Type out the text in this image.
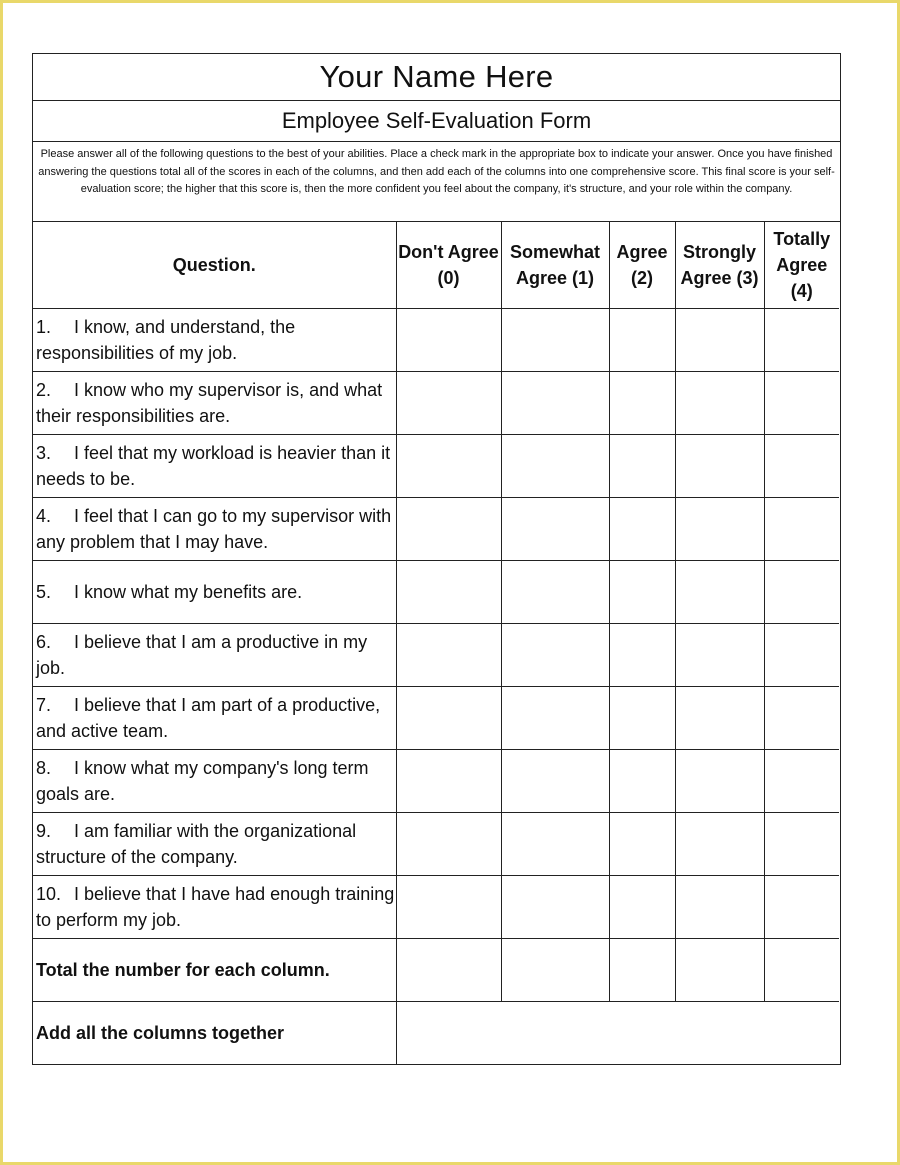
Your Name Here
Employee Self-Evaluation Form
Please answer all of the following questions to the best of your abilities. Place a check mark in the appropriate box to indicate your answer. Once you have finished answering the questions total all of the scores in each of the columns, and then add each of the columns into one comprehensive score. This final score is your self-evaluation score; the higher that this score is, then the more confident you feel about the company, it's structure, and your role within the company.
Question.	Don't Agree (0)	Somewhat Agree (1)	Agree (2)	Strongly Agree (3)	Totally Agree (4)
1. I know, and understand, the responsibilities of my job.					
2. I know who my supervisor is, and what their responsibilities are.					
3. I feel that my workload is heavier than it needs to be.					
4. I feel that I can go to my supervisor with any problem that I may have.					
5. I know what my benefits are.					
6. I believe that I am a productive in my job.					
7. I believe that I am part of a productive, and active team.					
8. I know what my company's long term goals are.					
9. I am familiar with the organizational structure of the company.					
10. I believe that I have had enough training to perform my job.					
Total the number for each column.					
Add all the columns together					
